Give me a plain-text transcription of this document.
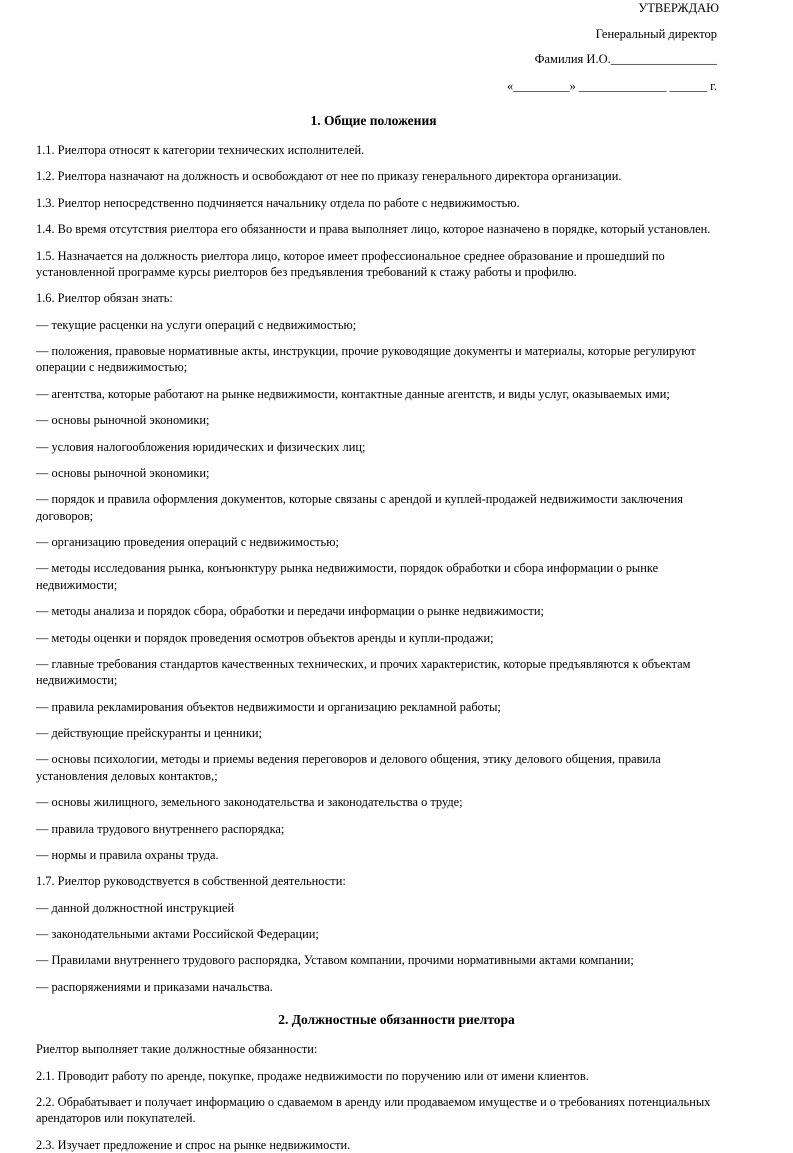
УТВЕРЖДАЮ
Генеральный директор
Фамилия И.О._________________
«_________» ______________ ______ г.
1. Общие положения

1.1. Риелтора относят к категории технических исполнителей.

1.2. Риелтора назначают на должность и освобождают от нее по приказу генерального директора организации.

1.3. Риелтор непосредственно подчиняется начальнику отдела по работе с недвижимостью.

1.4. Во время отсутствия риелтора его обязанности и права выполняет лицо, которое назначено в порядке, который установлен.

1.5. Назначается на должность риелтора лицо, которое имеет профессиональное среднее образование и прошедший по установленной программе курсы риелторов без предъявления требований к стажу работы и профилю.

1.6. Риелтор обязан знать:

— текущие расценки на услуги операций с недвижимостью;

— положения, правовые нормативные акты, инструкции, прочие руководящие документы и материалы, которые регулируют операции с недвижимостью;

— агентства, которые работают на рынке недвижимости, контактные данные агентств, и виды услуг, оказываемых ими;

— основы рыночной экономики;

— условия налогообложения юридических и физических лиц;

— основы рыночной экономики;

— порядок и правила оформления документов, которые связаны с арендой и куплей-продажей недвижимости заключения договоров;

— организацию проведения операций с недвижимостью;

— методы исследования рынка, конъюнктуру рынка недвижимости, порядок обработки и сбора информации о рынке недвижимости;

— методы анализа и порядок сбора, обработки и передачи информации о рынке недвижимости;

— методы оценки и порядок проведения осмотров объектов аренды и купли-продажи;

— главные требования стандартов качественных технических, и прочих характеристик, которые предъявляются к объектам недвижимости;

— правила рекламирования объектов недвижимости и организацию рекламной работы;

— действующие прейскуранты и ценники;

— основы психологии, методы и приемы ведения переговоров и делового общения, этику делового общения, правила установления деловых контактов,;

— основы жилищного, земельного законодательства и законодательства о труде;

— правила трудового внутреннего распорядка;

— нормы и правила охраны труда.

1.7. Риелтор руководствуется в собственной деятельности:

— данной должностной инструкцией

— законодательными актами Российской Федерации;

— Правилами внутреннего трудового распорядка, Уставом компании, прочими нормативными актами компании;

— распоряжениями и приказами начальства.

2. Должностные обязанности риелтора

Риелтор выполняет такие должностные обязанности:

2.1. Проводит работу по аренде, покупке, продаже недвижимости по поручению или от имени клиентов.

2.2. Обрабатывает и получает информацию о сдаваемом в аренду или продаваемом имуществе и о требованиях потенциальных арендаторов или покупателей.

2.3. Изучает предложение и спрос на рынке недвижимости.
